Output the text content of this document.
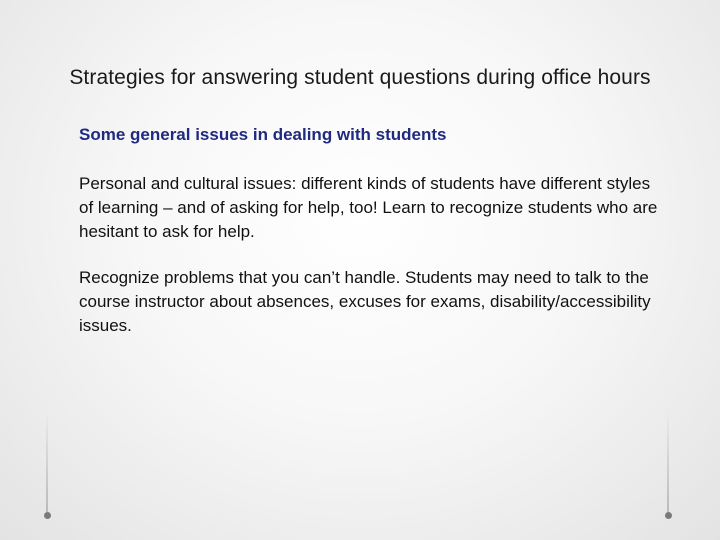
Strategies for answering student questions during office hours
Some general issues in dealing with students

Personal and cultural issues: different kinds of students have different styles of learning – and of asking for help, too! Learn to recognize students who are hesitant to ask for help.

Recognize problems that you can’t handle. Students may need to talk to the course instructor about absences, excuses for exams, disability/accessibility issues.
